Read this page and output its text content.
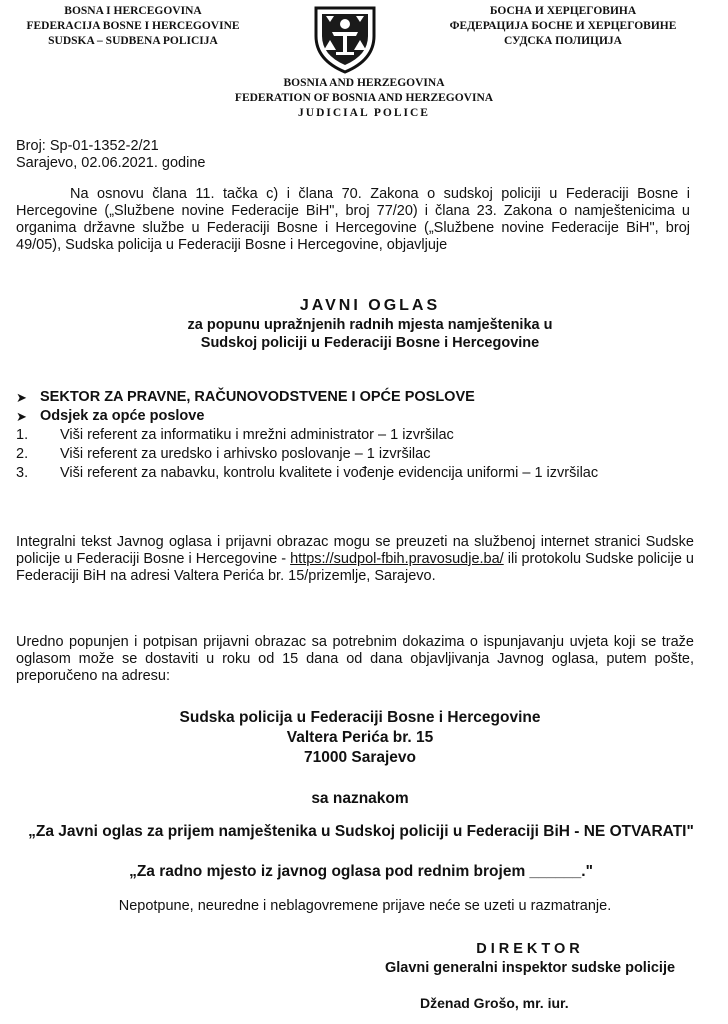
BOSNA I HERCEGOVINA
FEDERACIJA BOSNE I HERCEGOVINE
SUDSKA – SUDBENA POLICIJA
БОСНА И ХЕРЦЕГОВИНА
ФЕДЕРАЦИЈА БОСНЕ И ХЕРЦЕГОВИНЕ
СУДСКА ПОЛИЦИЈА
BOSNIA AND HERZEGOVINA
FEDERATION OF BOSNIA AND HERZEGOVINA
JUDICIAL POLICE
Broj: Sp-01-1352-2/21
Sarajevo, 02.06.2021. godine
Na osnovu člana 11. tačka c) i člana 70. Zakona o sudskoj policiji u Federaciji Bosne i Hercegovine („Službene novine Federacije BiH", broj 77/20) i člana 23. Zakona o namještenicima u organima državne službe u Federaciji Bosne i Hercegovine („Službene novine Federacije BiH", broj 49/05), Sudska policija u Federaciji Bosne i Hercegovine, objavljuje
JAVNI OGLAS
za popunu upražnjenih radnih mjesta namještenika u
Sudskoj policiji u Federaciji Bosne i Hercegovine
➤ SEKTOR ZA PRAVNE, RAČUNOVODSTVENE I OPĆE POSLOVE
➤ Odsjek za opće poslove
1.	Viši referent za informatiku i mrežni administrator – 1 izvršilac
2.	Viši referent za uredsko i arhivsko poslovanje – 1 izvršilac
3.	Viši referent za nabavku, kontrolu kvalitete i vođenje evidencija uniformi – 1 izvršilac
Integralni tekst Javnog oglasa i prijavni obrazac mogu se preuzeti na službenoj internet stranici Sudske policije u Federaciji Bosne i Hercegovine - https://sudpol-fbih.pravosudje.ba/ ili protokolu Sudske policije u Federaciji BiH na adresi Valtera Perića br. 15/prizemlje, Sarajevo.
Uredno popunjen i potpisan prijavni obrazac sa potrebnim dokazima o ispunjavanju uvjeta koji se traže oglasom može se dostaviti u roku od 15 dana od dana objavljivanja Javnog oglasa, putem pošte, preporučeno na adresu:
Sudska policija u Federaciji Bosne i Hercegovine
Valtera Perića br. 15
71000 Sarajevo
sa naznakom
„Za Javni oglas za prijem namještenika u Sudskoj policiji u Federaciji BiH - NE OTVARATI"
„Za radno mjesto iz javnog oglasa pod rednim brojem ______."
Nepotpune, neuredne i neblagovremene prijave neće se uzeti u razmatranje.
DIREKTOR
Glavni generalni inspektor sudske policije
Dženad Grošo, mr. iur.
